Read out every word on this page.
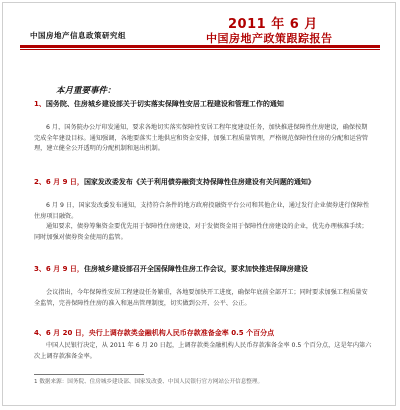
中国房地产信息政策研究组
2011 年 6 月
中国房地产政策跟踪报告
本月重要事件：
1、国务院、住房城乡建设部关于切实落实保障性安居工程建设和管理工作的通知

6 月，国务院办公厅印发通知，要求各地切实落实保障性安居工程年度建设任务，加快推进保障性住房建设，确保按期完成全年建设目标。通知强调，各地要落实土地供应和资金安排，加强工程质量管理，严格规范保障性住房的分配和运营管理，建立健全公开透明的分配机制和退出机制。

2、6 月 9 日，国家发改委发布《关于利用债券融资支持保障性住房建设有关问题的通知》

6 月 9 日，国家发改委发布通知，支持符合条件的地方政府投融资平台公司和其他企业，通过发行企业债券进行保障性住房项目融资。

通知要求，债券筹集资金要优先用于保障性住房建设，对于发债资金用于保障性住房建设的企业，优先办理核准手续；同时加强对债券资金使用的监管。

3、6 月 9 日，住房城乡建设部召开全国保障性住房工作会议，要求加快推进保障房建设

会议指出，今年保障性安居工程建设任务繁重，各地要加快开工进度，确保年底前全部开工；同时要求加强工程质量安全监管，完善保障性住房的准入和退出管理制度，切实做到公开、公平、公正。

4、6 月 20 日，央行上调存款类金融机构人民币存款准备金率 0.5 个百分点

中国人民银行决定，从 2011 年 6 月 20 日起，上调存款类金融机构人民币存款准备金率 0.5 个百分点，这是年内第六次上调存款准备金率。

1 数据来源：国务院、住房城乡建设部、国家发改委、中国人民银行官方网站公开信息整理。
